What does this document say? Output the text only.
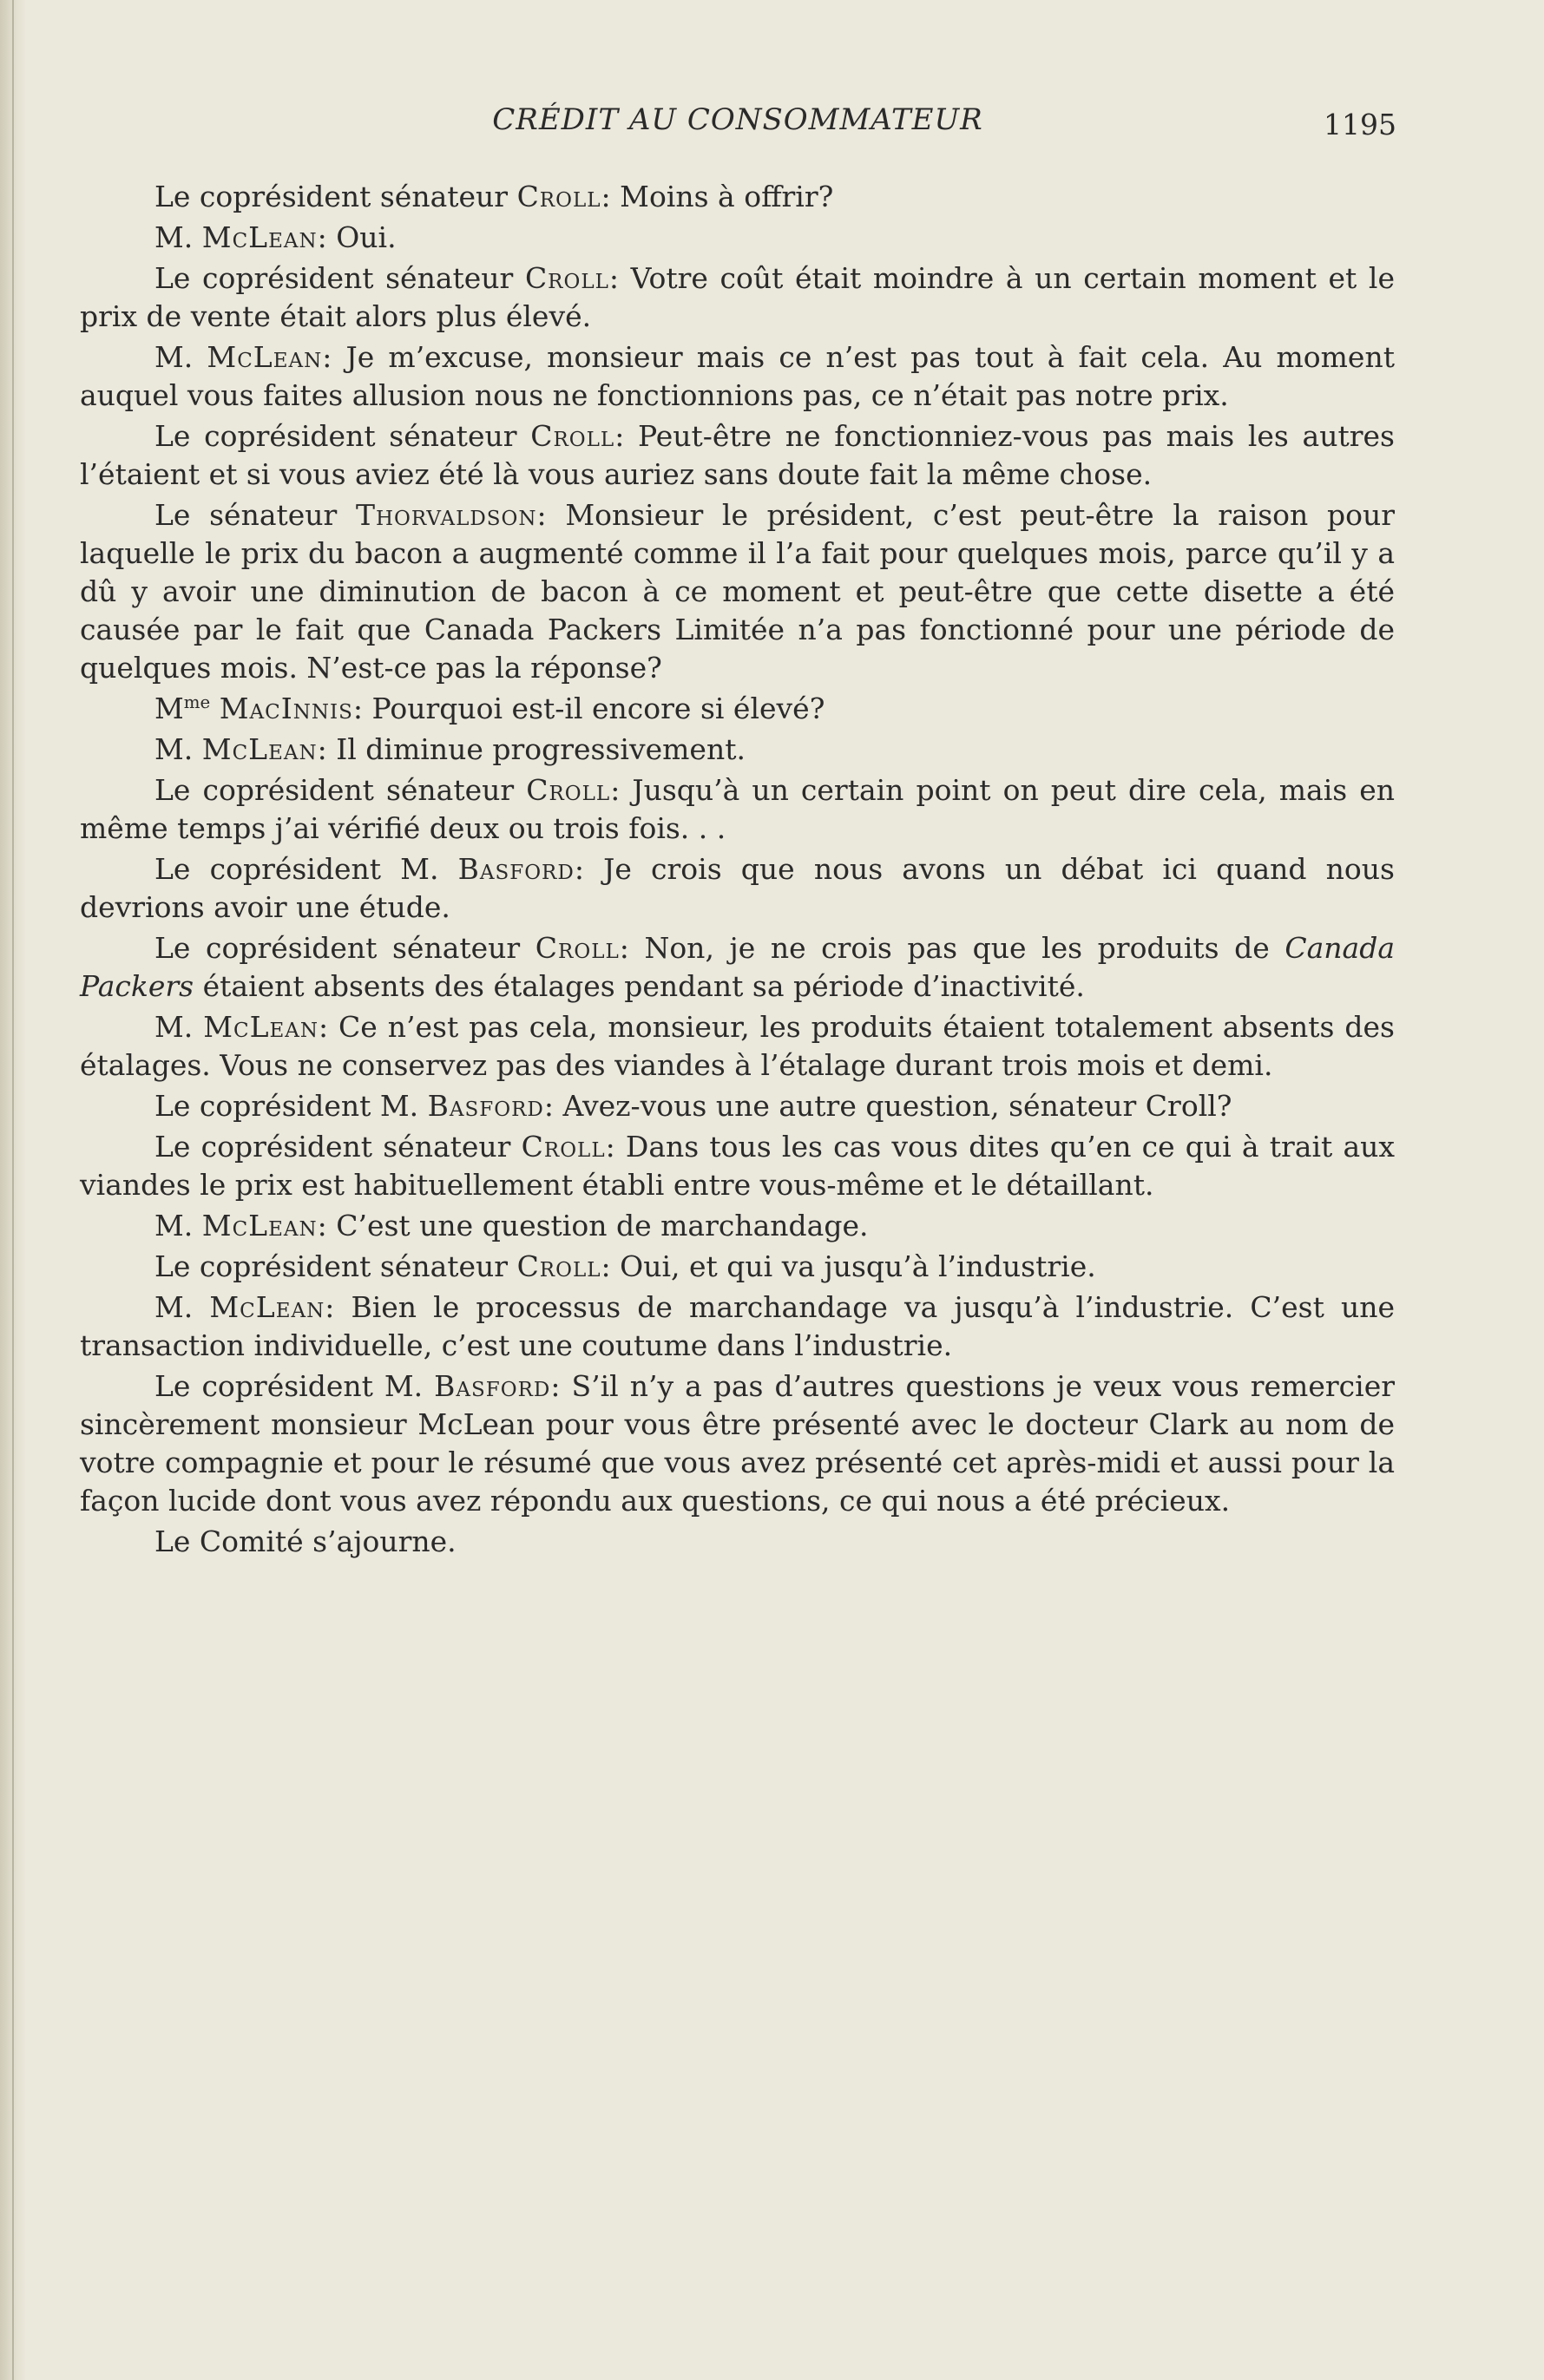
CRÉDIT AU CONSOMMATEUR	1195

Le coprésident sénateur Croll: Moins à offrir?

M. McLean: Oui.

Le coprésident sénateur Croll: Votre coût était moindre à un certain moment et le prix de vente était alors plus élevé.

M. McLean: Je m’excuse, monsieur mais ce n’est pas tout à fait cela. Au moment auquel vous faites allusion nous ne fonctionnions pas, ce n’était pas notre prix.

Le coprésident sénateur Croll: Peut-être ne fonctionniez-vous pas mais les autres l’étaient et si vous aviez été là vous auriez sans doute fait la même chose.

Le sénateur Thorvaldson: Monsieur le président, c’est peut-être la raison pour laquelle le prix du bacon a augmenté comme il l’a fait pour quelques mois, parce qu’il y a dû y avoir une diminution de bacon à ce moment et peut-être que cette disette a été causée par le fait que Canada Packers Limitée n’a pas fonctionné pour une période de quelques mois. N’est-ce pas la réponse?

$M^{me}$ MacInnis: Pourquoi est-il encore si élevé?

M. McLean: Il diminue progressivement.

Le coprésident sénateur Croll: Jusqu’à un certain point on peut dire cela, mais en même temps j’ai vérifié deux ou trois fois. . .

Le coprésident M. Basford: Je crois que nous avons un débat ici quand nous devrions avoir une étude.

Le coprésident sénateur Croll: Non, je ne crois pas que les produits de Canada Packers étaient absents des étalages pendant sa période d’inactivité.

M. McLean: Ce n’est pas cela, monsieur, les produits étaient totalement absents des étalages. Vous ne conservez pas des viandes à l’étalage durant trois mois et demi.

Le coprésident M. Basford: Avez-vous une autre question, sénateur Croll?

Le coprésident sénateur Croll: Dans tous les cas vous dites qu’en ce qui à trait aux viandes le prix est habituellement établi entre vous-même et le détaillant.

M. McLean: C’est une question de marchandage.

Le coprésident sénateur Croll: Oui, et qui va jusqu’à l’industrie.

M. McLean: Bien le processus de marchandage va jusqu’à l’industrie. C’est une transaction individuelle, c’est une coutume dans l’industrie.

Le coprésident M. Basford: S’il n’y a pas d’autres questions je veux vous remercier sincèrement monsieur McLean pour vous être présenté avec le docteur Clark au nom de votre compagnie et pour le résumé que vous avez présenté cet après-midi et aussi pour la façon lucide dont vous avez répondu aux questions, ce qui nous a été précieux.

Le Comité s’ajourne.
